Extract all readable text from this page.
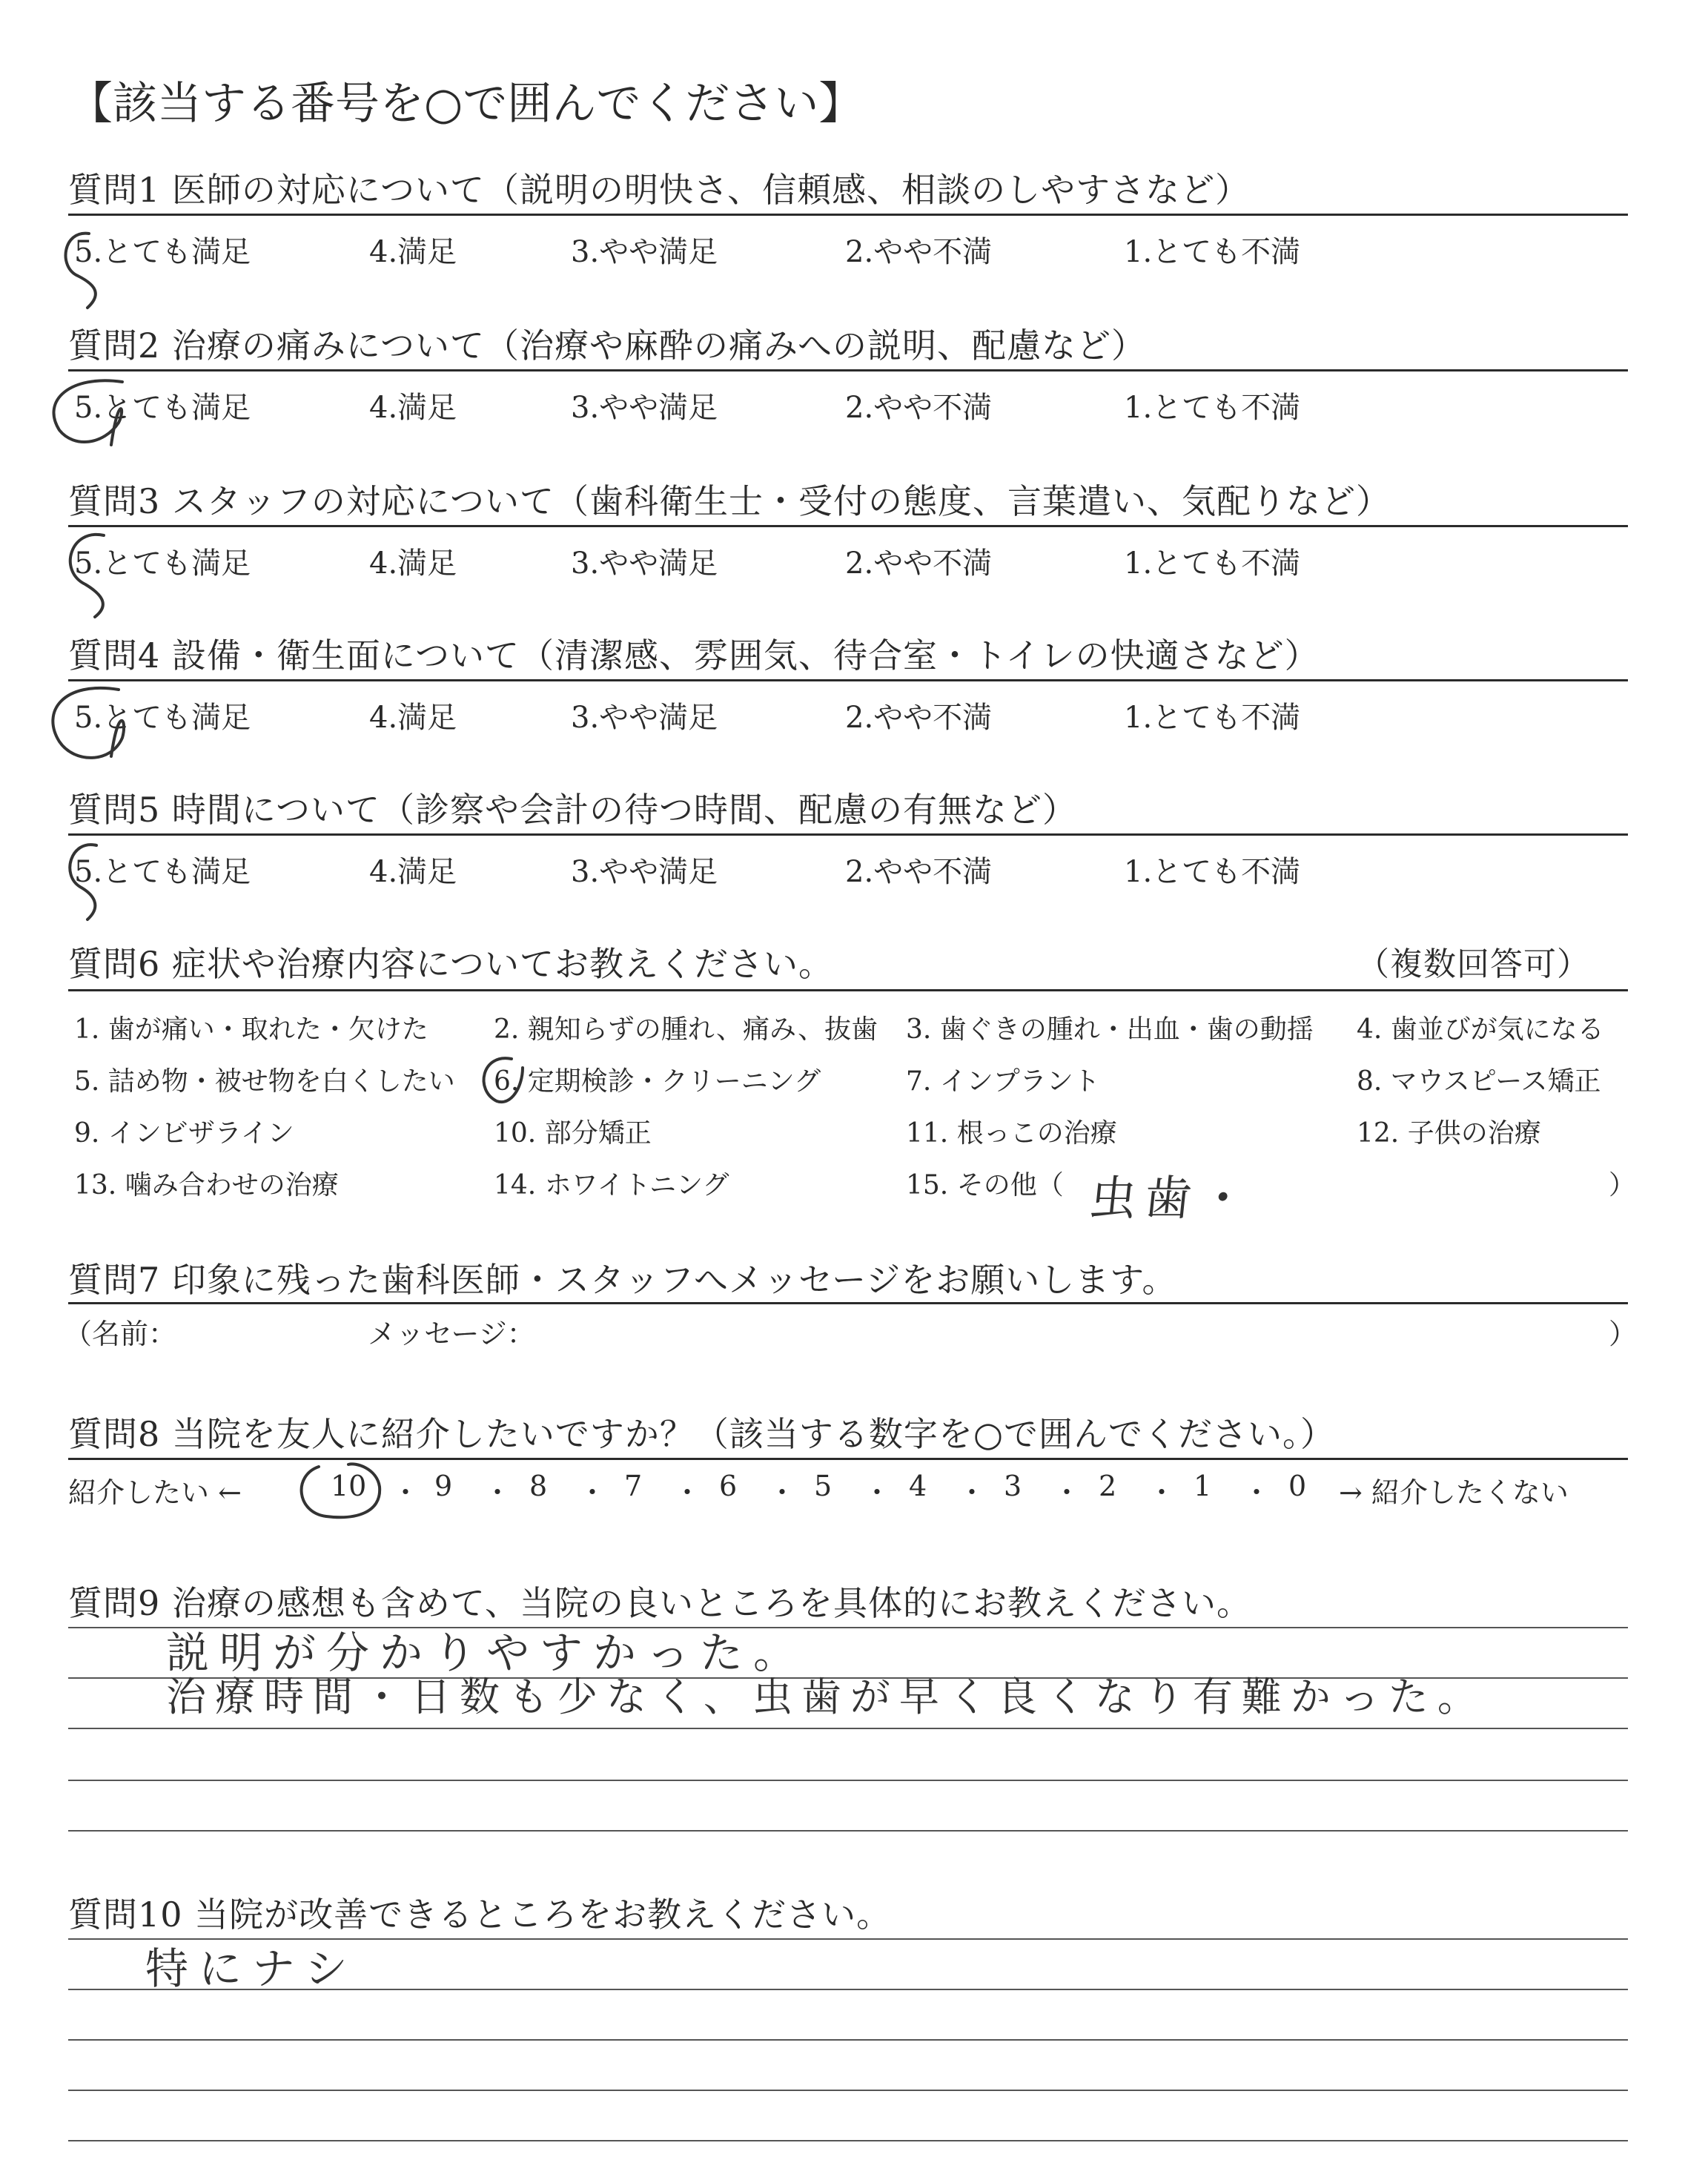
【該当する番号を○で囲んでください】
質問1 医師の対応について（説明の明快さ、信頼感、相談のしやすさなど）
5.とても満足	4.満足	3.やや満足	2.やや不満	1.とても不満
質問2 治療の痛みについて（治療や麻酔の痛みへの説明、配慮など）
5.とても満足	4.満足	3.やや満足	2.やや不満	1.とても不満
質問3 スタッフの対応について（歯科衛生士・受付の態度、言葉遣い、気配りなど）
5.とても満足	4.満足	3.やや満足	2.やや不満	1.とても不満
質問4 設備・衛生面について（清潔感、雰囲気、待合室・トイレの快適さなど）
5.とても満足	4.満足	3.やや満足	2.やや不満	1.とても不満
質問5 時間について（診察や会計の待つ時間、配慮の有無など）
5.とても満足	4.満足	3.やや満足	2.やや不満	1.とても不満
質問6 症状や治療内容についてお教えください。	（複数回答可）
1. 歯が痛い・取れた・欠けた 2. 親知らずの腫れ、痛み、抜歯 3. 歯ぐきの腫れ・出血・歯の動揺 4. 歯並びが気になる
5. 詰め物・被せ物を白くしたい 6. 定期検診・クリーニング	7. インプラント	8. マウスピース矯正
9. インビザライン	10. 部分矯正	11. 根っこの治療	12. 子供の治療
13. 噛み合わせの治療	14. ホワイトニング	15. その他（ 虫歯・	）
質問7 印象に残った歯科医師・スタッフへメッセージをお願いします。
（名前：	メッセージ：	）
質問8 当院を友人に紹介したいですか？（該当する数字を○で囲んでください。）
紹介したい ←	10 9	8	7	6	5	4	3	2	1	0 → 紹介したくない
・ ・ ・ ・ ・ ・ ・ ・ ・ ・
質問9 治療の感想も含めて、当院の良いところを具体的にお教えください。
説明が分かりやすかった。
治療時間・日数も少なく、虫歯が早く良くなり有難かった。
質問10 当院が改善できるところをお教えください。
特にナシ
